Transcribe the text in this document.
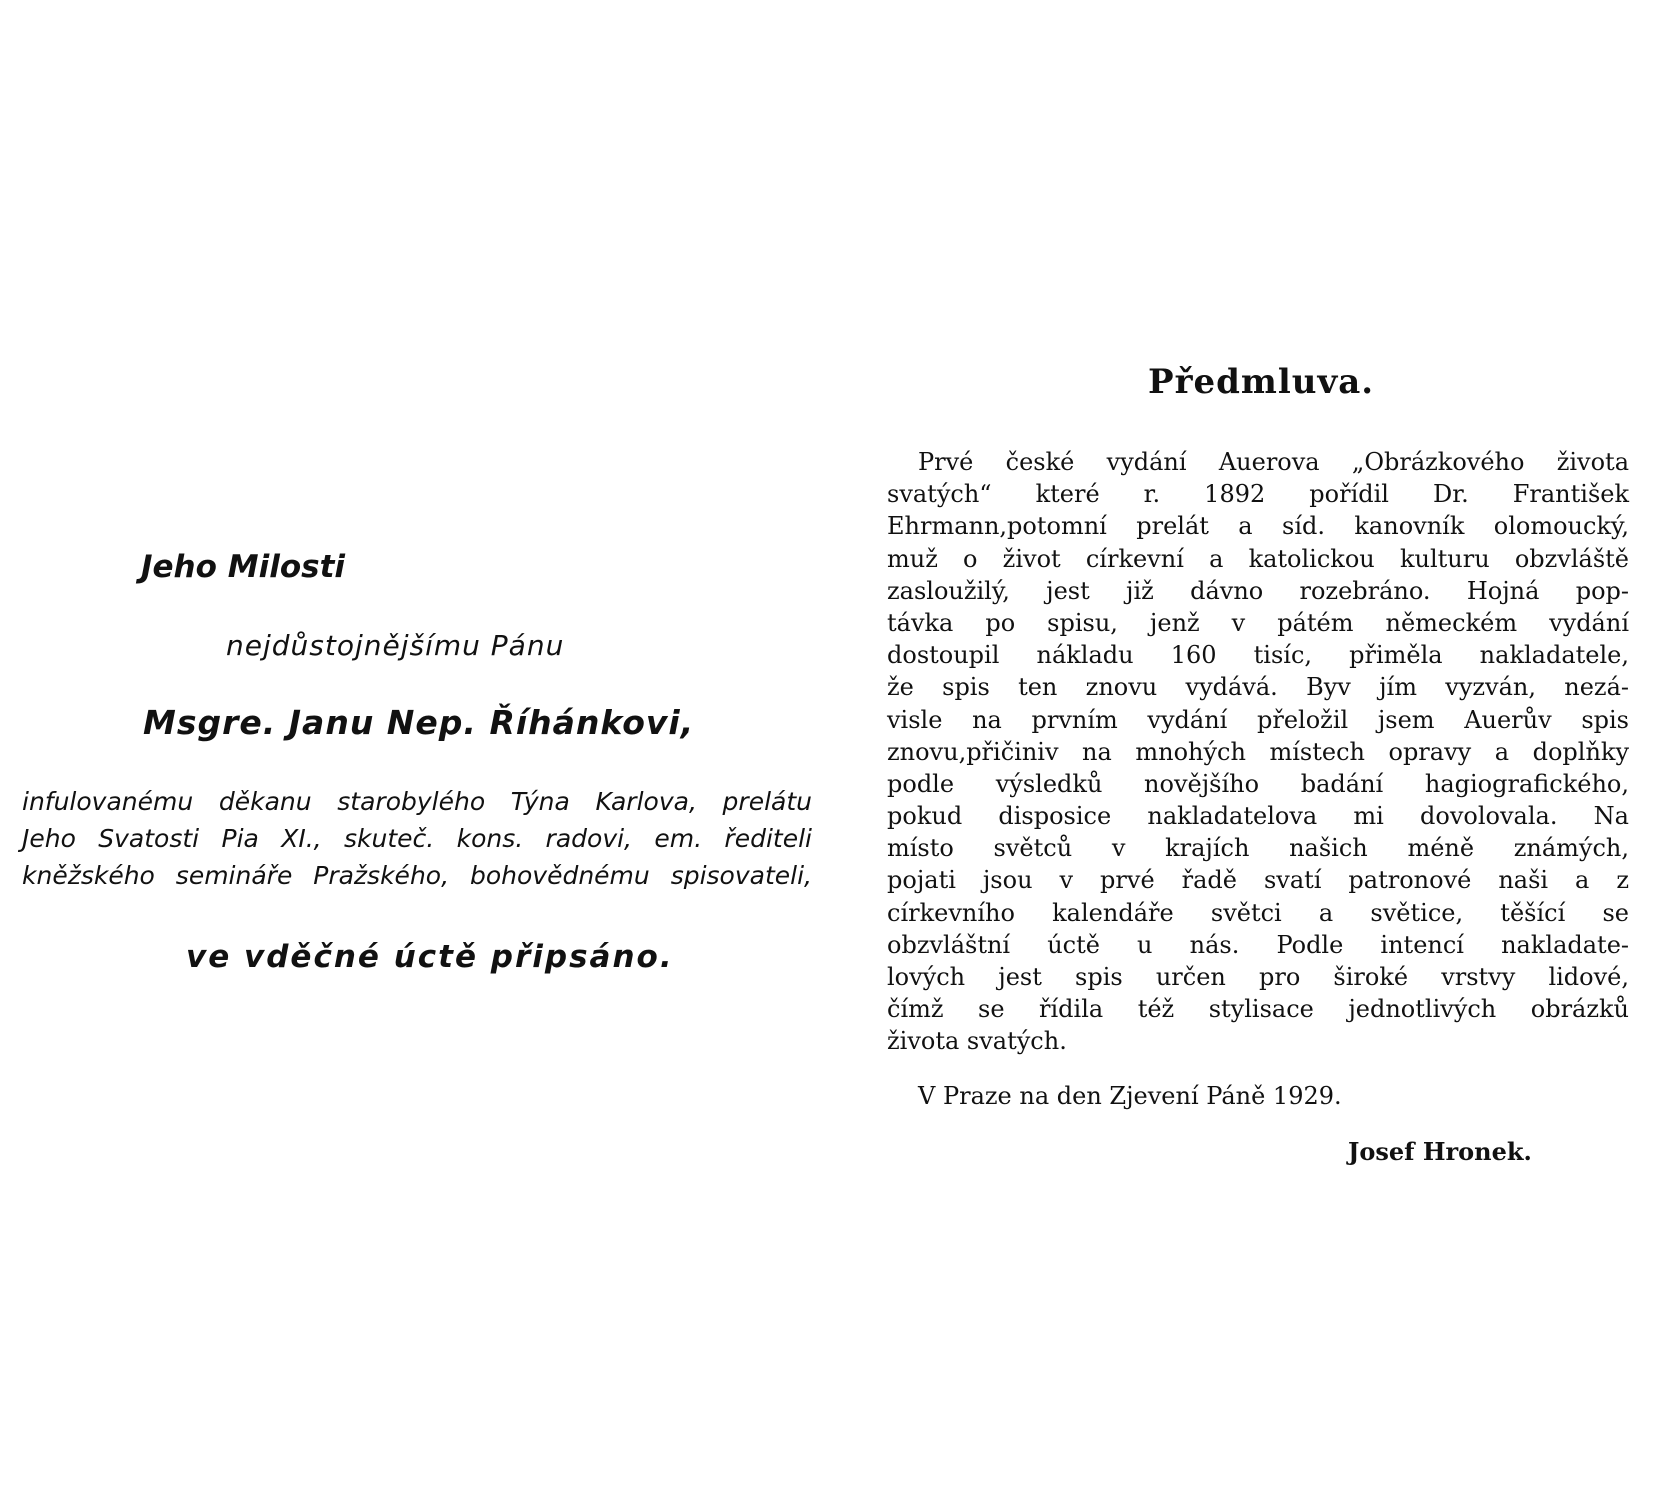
Jeho Milosti

nejdůstojnějšímu Pánu

Msgre. Janu Nep. Říhánkovi,

infulovanému děkanu starobylého Týna Karlova, prelátu
Jeho Svatosti Pia XI., skuteč. kons. radovi, em. řediteli
kněžského semináře Pražského, bohovědnému spisovateli,

ve vděčné úctě připsáno.

Předmluva.
Prvé české vydání Auerova „Obrázkového života
svatých“ které r. 1892 pořídil Dr. František
Ehrmann,potomní prelát a síd. kanovník olomoucký,
muž o život církevní a katolickou kulturu obzvláště
zasloužilý, jest již dávno rozebráno. Hojná pop-
távka po spisu, jenž v pátém německém vydání
dostoupil nákladu 160 tisíc, přiměla nakladatele,
že spis ten znovu vydává. Byv jím vyzván, nezá-
visle na prvním vydání přeložil jsem Auerův spis
znovu,přičiniv na mnohých místech opravy a doplňky
podle výsledků novějšího badání hagiografického,
pokud disposice nakladatelova mi dovolovala. Na
místo světců v krajích našich méně známých,
pojati jsou v prvé řadě svatí patronové naši a z
církevního kalendáře světci a světice, těšící se
obzvláštní úctě u nás. Podle intencí nakladate-
lových jest spis určen pro široké vrstvy lidové,
čímž se řídila též stylisace jednotlivých obrázků
života svatých.

V Praze na den Zjevení Páně 1929.

Josef Hronek.
